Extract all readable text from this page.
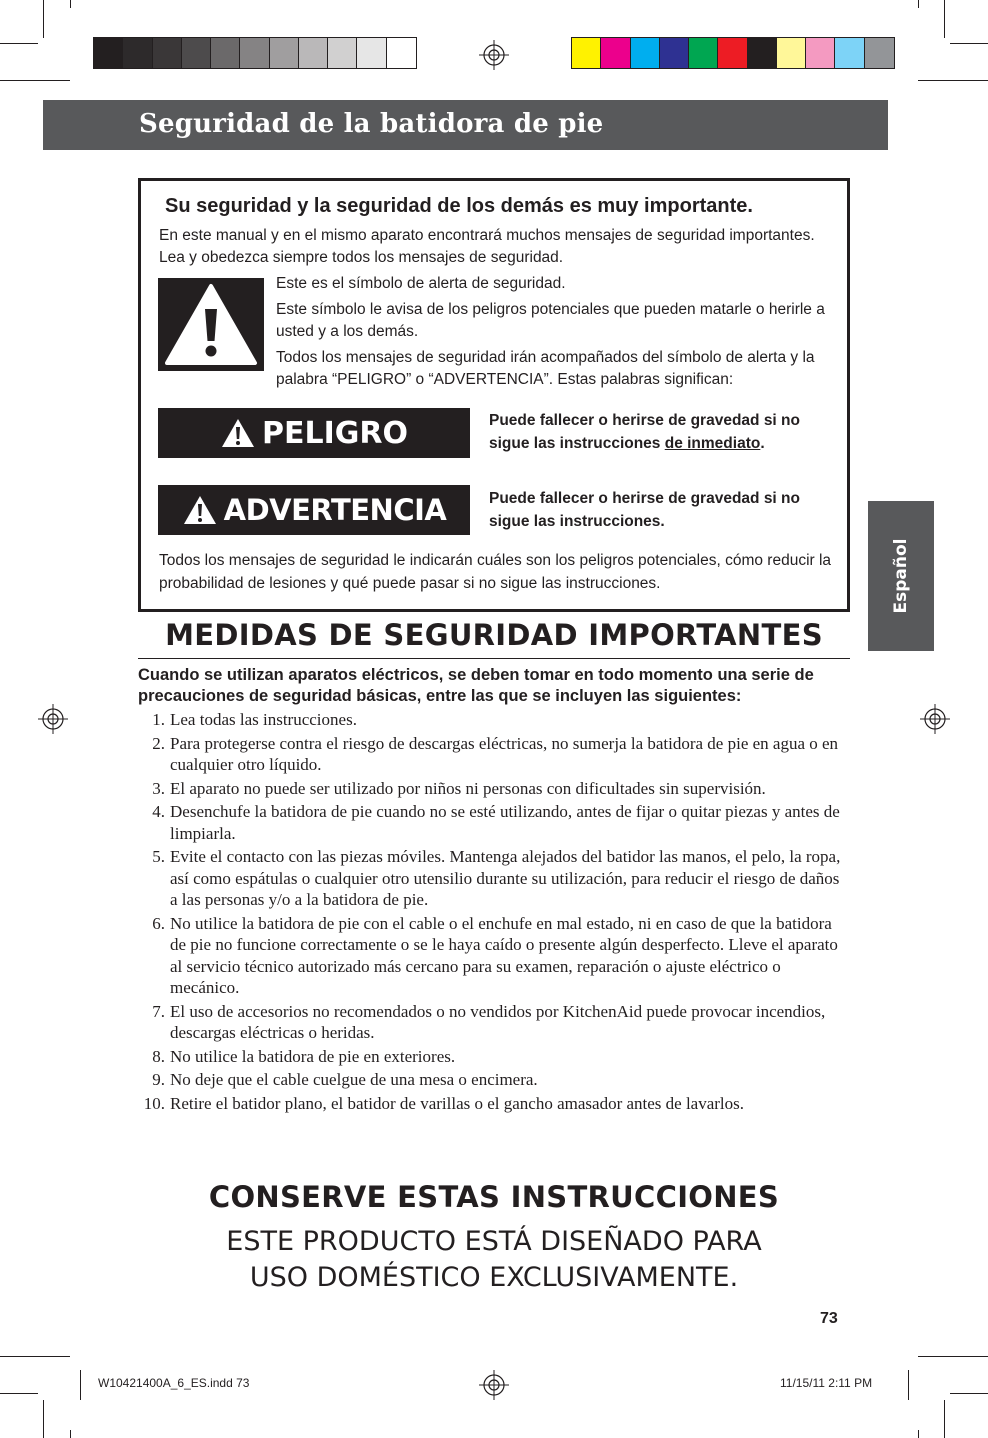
Seguridad de la batidora de pie
Español
Su seguridad y la seguridad de los demás es muy importante.
En este manual y en el mismo aparato encontrará muchos mensajes de seguridad importantes. Lea y obedezca siempre todos los mensajes de seguridad.

Este es el símbolo de alerta de seguridad.

Este símbolo le avisa de los peligros potenciales que pueden matarle o herirle a usted y a los demás.

Todos los mensajes de seguridad irán acompañados del símbolo de alerta y la palabra “PELIGRO” o “ADVERTENCIA”. Estas palabras significan:

PELIGRO	Puede fallecer o herirse de gravedad si no sigue las instrucciones de inmediato.
ADVERTENCIA	Puede fallecer o herirse de gravedad si no sigue las instrucciones.
Todos los mensajes de seguridad le indicarán cuáles son los peligros potenciales, cómo reducir la probabilidad de lesiones y qué puede pasar si no sigue las instrucciones.
MEDIDAS DE SEGURIDAD IMPORTANTES
Cuando se utilizan aparatos eléctricos, se deben tomar en todo momento una serie de precauciones de seguridad básicas, entre las que se incluyen las siguientes:
1. Lea todas las instrucciones.
2. Para protegerse contra el riesgo de descargas eléctricas, no sumerja la batidora de pie en agua o en cualquier otro líquido.
3. El aparato no puede ser utilizado por niños ni personas con dificultades sin supervisión.
4. Desenchufe la batidora de pie cuando no se esté utilizando, antes de fijar o quitar piezas y antes de limpiarla.
5. Evite el contacto con las piezas móviles. Mantenga alejados del batidor las manos, el pelo, la ropa, así como espátulas o cualquier otro utensilio durante su utilización, para reducir el riesgo de daños a las personas y/o a la batidora de pie.
6. No utilice la batidora de pie con el cable o el enchufe en mal estado, ni en caso de que la batidora de pie no funcione correctamente o se le haya caído o presente algún desperfecto. Lleve el aparato al servicio técnico autorizado más cercano para su examen, reparación o ajuste eléctrico o mecánico.
7. El uso de accesorios no recomendados o no vendidos por KitchenAid puede provocar incendios, descargas eléctricas o heridas.
8. No utilice la batidora de pie en exteriores.
9. No deje que el cable cuelgue de una mesa o encimera.
10. Retire el batidor plano, el batidor de varillas o el gancho amasador antes de lavarlos.
CONSERVE ESTAS INSTRUCCIONES
ESTE PRODUCTO ESTÁ DISEÑADO PARA
USO DOMÉSTICO EXCLUSIVAMENTE.
73
W10421400A_6_ES.indd 73	11/15/11 2:11 PM
